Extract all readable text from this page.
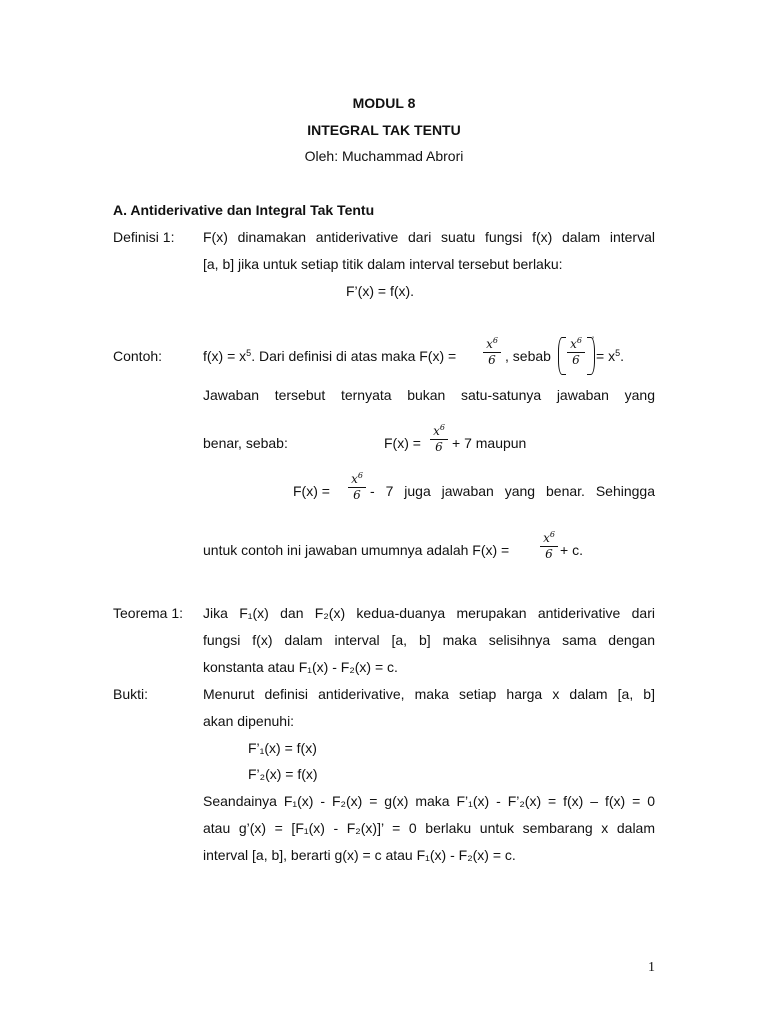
MODUL 8
INTEGRAL TAK TENTU
Oleh: Muchammad Abrori
A. Antiderivative dan Integral Tak Tentu
Definisi 1: F(x) dinamakan antiderivative dari suatu fungsi f(x) dalam interval
[a, b] jika untuk setiap titik dalam interval tersebut berlaku:
F’(x) = f(x).
Contoh:	$f(x) = x^5$. Dari definisi di atas maka F(x) =
$x^6$
6 , sebab
$x^6$
6
’
= $x^5$.
Jawaban tersebut ternyata bukan satu-satunya jawaban yang
benar, sebab:	F(x) =
$x^6$
6 + 7 maupun
F(x) =
$x^6$
6 - 7 juga jawaban yang benar. Sehingga
untuk contoh ini jawaban umumnya adalah F(x) =
$x^6$
6 + c.
Teorema 1: Jika F₁(x) dan F₂(x) kedua-duanya merupakan antiderivative dari
fungsi f(x) dalam interval [a, b] maka selisihnya sama dengan
konstanta atau F₁(x) - F₂(x) = c.
Bukti:	Menurut definisi antiderivative, maka setiap harga x dalam [a, b]
akan dipenuhi:
F’₁(x) = f(x)
F’₂(x) = f(x)
Seandainya F₁(x) - F₂(x) = g(x) maka F’₁(x) - F’₂(x) = f(x) – f(x) = 0
atau g’(x) = [F₁(x) - F₂(x)]’ = 0 berlaku untuk sembarang x dalam
interval [a, b], berarti g(x) = c atau F₁(x) - F₂(x) = c.
1
